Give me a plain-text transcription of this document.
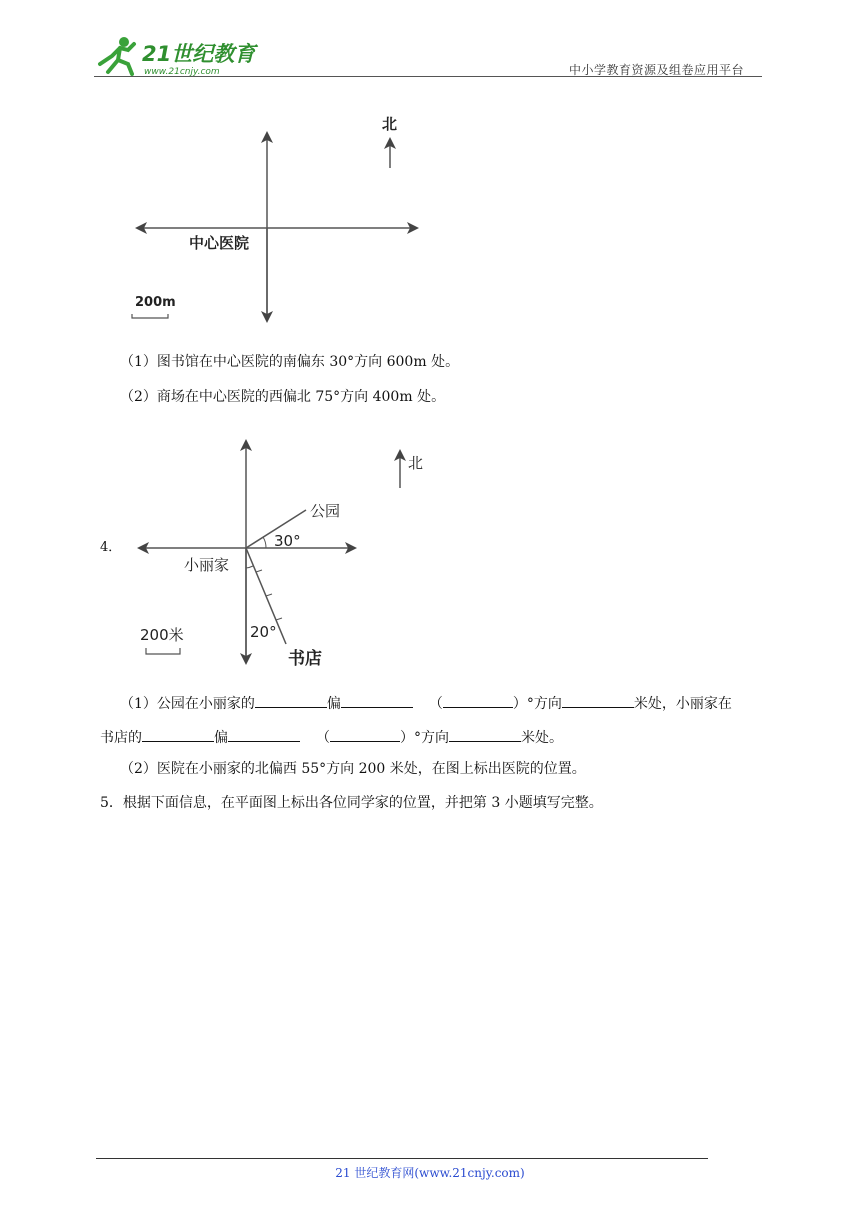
21世纪教育
www.21cnjy.com	中小学教育资源及组卷应用平台
北
中心医院
200m
（1）图书馆在中心医院的南偏东 30°方向 600m 处。
（2）商场在中心医院的西偏北 75°方向 400m 处。
4．
北
公园
30°
小丽家
20°
书店
200米
（1）公园在小丽家的	偏	（	）°方向	米处，小丽家在
书店的	偏	（	）°方向	米处。
（2）医院在小丽家的北偏西 55°方向 200 米处，在图上标出医院的位置。
5．根据下面信息，在平面图上标出各位同学家的位置，并把第 3 小题填写完整。
21 世纪教育网(www.21cnjy.com)
